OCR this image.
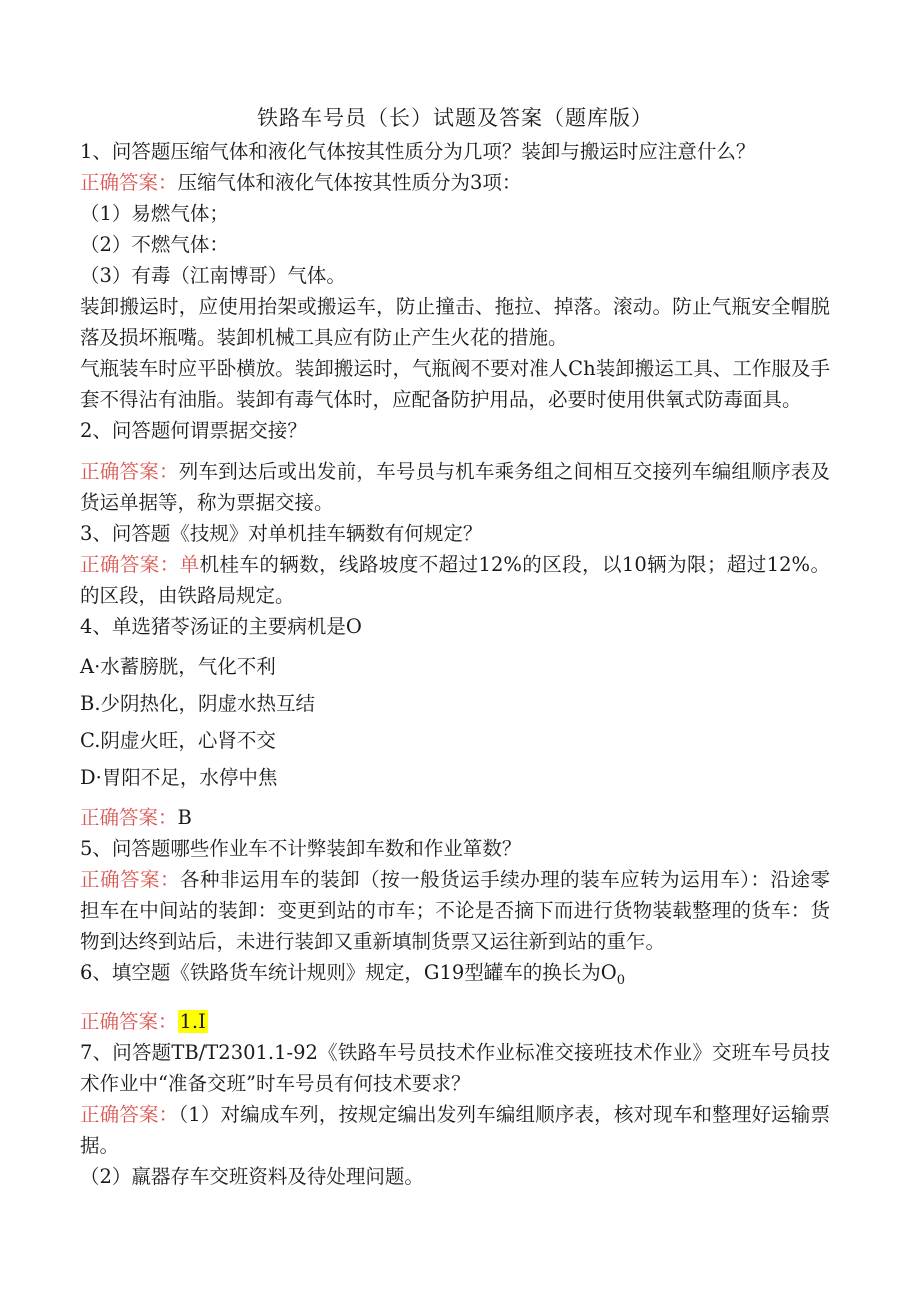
铁路车号员（长）试题及答案（题库版）

1、问答题压缩气体和液化气体按其性质分为几项？装卸与搬运时应注意什么？

正确答案：压缩气体和液化气体按其性质分为3项：

（1）易燃气体；

（2）不燃气体：

（3）有毒（江南博哥）气体。

装卸搬运时，应使用抬架或搬运车，防止撞击、拖拉、掉落。滚动。防止气瓶安全帽脱落及损坏瓶嘴。装卸机械工具应有防止产生火花的措施。

气瓶装车时应平卧横放。装卸搬运时，气瓶阀不要对准人Ch装卸搬运工具、工作服及手套不得沾有油脂。装卸有毒气体时，应配备防护用品，必要时使用供氧式防毒面具。

2、问答题何谓票据交接？

正确答案：列车到达后或出发前，车号员与机车乘务组之间相互交接列车编组顺序表及货运单据等，称为票据交接。

3、问答题《技规》对单机挂车辆数有何规定？

正确答案：单机桂车的辆数，线路坡度不超过12%的区段，以10辆为限；超过12%。的区段，由铁路局规定。

4、单选猪苓汤证的主要病机是O

A·水蓄膀胱，气化不利

B.少阴热化，阴虚水热互结

C.阴虚火旺，心肾不交

D·胃阳不足，水停中焦

正确答案：B

5、问答题哪些作业车不计弊装卸车数和作业箪数？

正确答案：各种非运用车的装卸（按一般货运手续办理的装车应转为运用车）：沿途零担车在中间站的装卸：变更到站的市车；不论是否摘下而进行货物装载整理的货车：货物到达终到站后，未进行装卸又重新填制货票又运往新到站的重乍。

6、填空题《铁路货车统计规则》规定，G19型罐车的换长为$O_0$

正确答案： 1.I

7、问答题TB/T2301.1-92《铁路车号员技术作业标准交接班技术作业》交班车号员技术作业中“准备交班”时车号员有何技术要求？

正确答案：（1）对编成车列，按规定编出发列车编组顺序表，核对现车和整理好运输票据。

（2）羸器存车交班资料及待处理问题。
